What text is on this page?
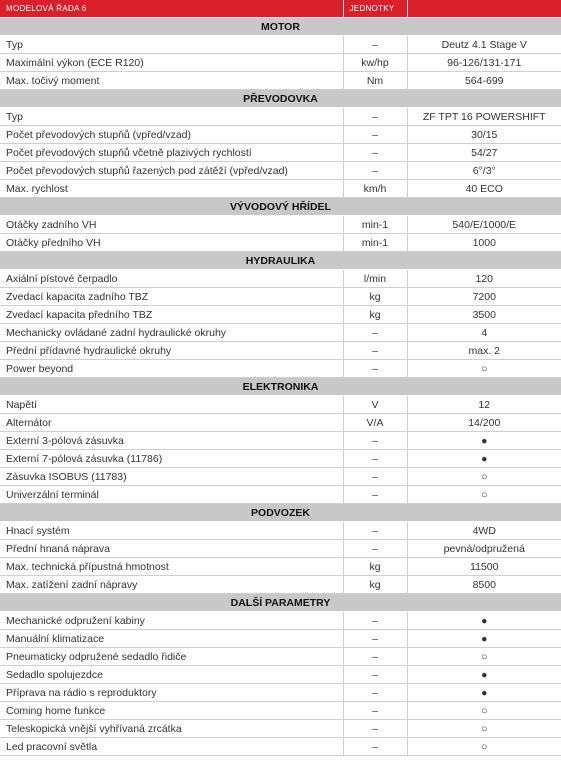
MODELOVÁ ŘADA 6	JEDNOTKY	
MOTOR		
Typ	–	Deutz 4.1 Stage V
Maximální výkon (ECE R120)	kw/hp	96-126/131-171
Max. točivý moment	Nm	564-699
PŘEVODOVKA		
Typ	–	ZF TPT 16 POWERSHIFT
Počet převodových stupňů (vpřed/vzad)	–	30/15
Počet převodových stupňů včetně plazivých rychlostí	–	54/27
Počet převodových stupňů řazených pod zátěží (vpřed/vzad)	–	6°/3°
Max. rychlost	km/h	40 ECO
VÝVODOVÝ HŘÍDEL		
Otáčky zadního VH	min-1	540/E/1000/E
Otáčky předního VH	min-1	1000
HYDRAULIKA		
Axiální pístové čerpadlo	l/min	120
Zvedací kapacita zadního TBZ	kg	7200
Zvedací kapacita předního TBZ	kg	3500
Mechanicky ovládané zadní hydraulické okruhy	–	4
Přední přídavné hydraulické okruhy	–	max. 2
Power beyond	–	○
ELEKTRONIKA		
Napětí	V	12
Alternátor	V/A	14/200
Externí 3-pólová zásuvka	–	●
Externí 7-pólová zásuvka (11786)	–	●
Zásuvka ISOBUS (11783)	–	○
Univerzální terminál	–	○
PODVOZEK		
Hnací systém	–	4WD
Přední hnaná náprava	–	pevná/odpružená
Max. technická přípustná hmotnost	kg	11500
Max. zatížení zadní nápravy	kg	8500
DALŠÍ PARAMETRY		
Mechanické odpružení kabiny	–	●
Manuální klimatizace	–	●
Pneumaticky odpružené sedadlo řidiče	–	○
Sedadlo spolujezdce	–	●
Příprava na rádio s reproduktory	–	●
Coming home funkce	–	○
Teleskopická vnější vyhřívaná zrcátka	–	○
Led pracovní světla	–	○
